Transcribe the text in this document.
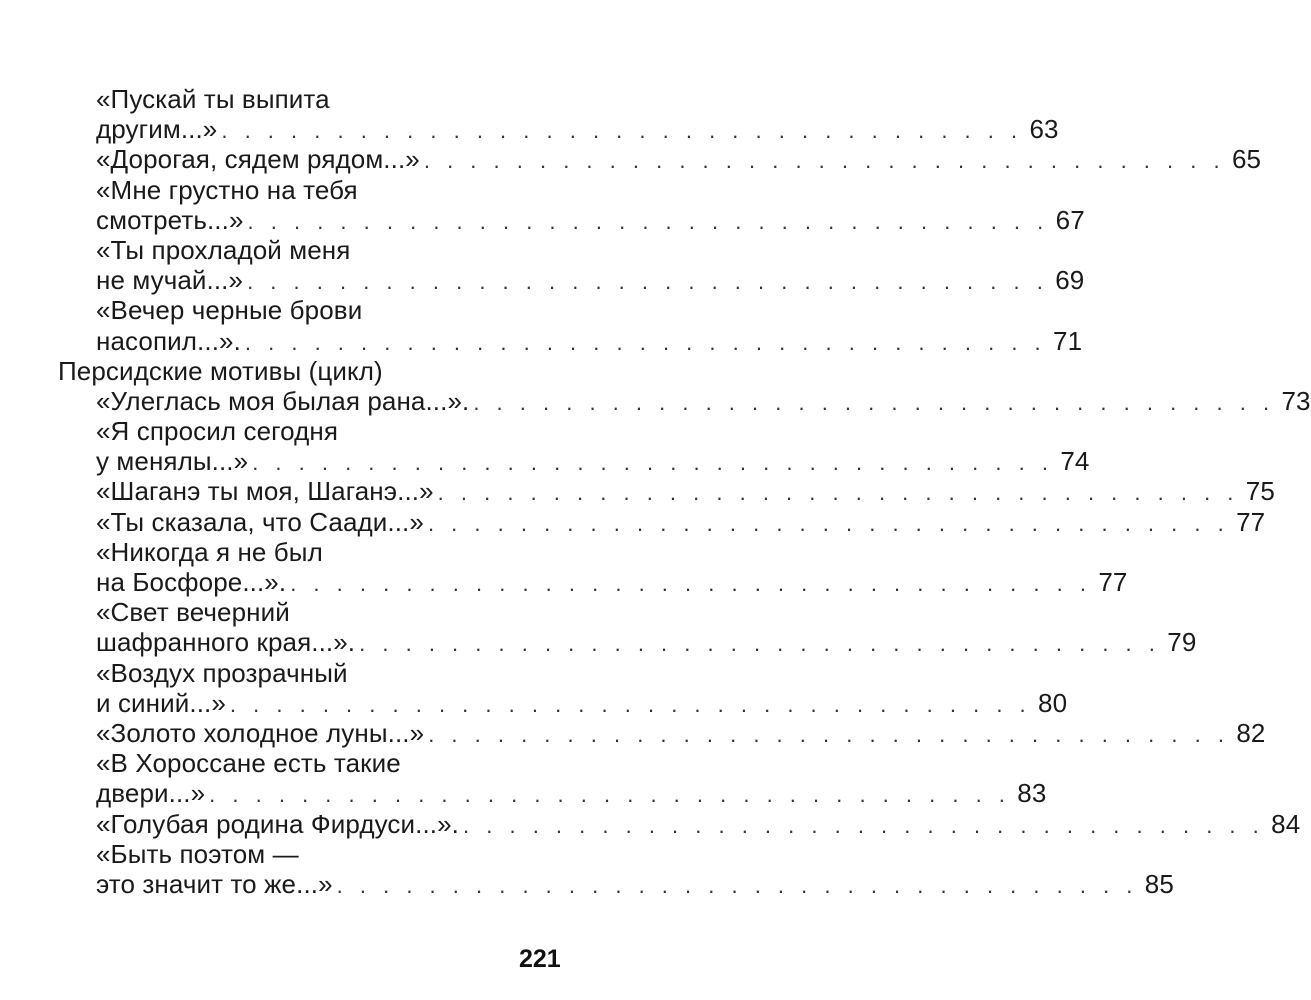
«Пускай ты выпита
другим...» . . . . . . . . . . . . . . . . . . . . . . . . . . . . . . . . . . . 63
«Дорогая, сядем рядом...» . . . . . . . . . . . . . . . . . . . . . . . . . . . . . . . . . . . 65
«Мне грустно на тебя
смотреть...» . . . . . . . . . . . . . . . . . . . . . . . . . . . . . . . . . . . 67
«Ты прохладой меня
не мучай...» . . . . . . . . . . . . . . . . . . . . . . . . . . . . . . . . . . . 69
«Вечер черные брови
насопил...». . . . . . . . . . . . . . . . . . . . . . . . . . . . . . . . . . . . 71
Персидские мотивы (цикл)
«Улеглась моя былая рана...». . . . . . . . . . . . . . . . . . . . . . . . . . . . . . . . . . . . 73
«Я спросил сегодня
у менялы...» . . . . . . . . . . . . . . . . . . . . . . . . . . . . . . . . . . . 74
«Шаганэ ты моя, Шаганэ...» . . . . . . . . . . . . . . . . . . . . . . . . . . . . . . . . . . . 75
«Ты сказала, что Саади...» . . . . . . . . . . . . . . . . . . . . . . . . . . . . . . . . . . . 77
«Никогда я не был
на Босфоре...». . . . . . . . . . . . . . . . . . . . . . . . . . . . . . . . . . . . 77
«Свет вечерний
шафранного края...». . . . . . . . . . . . . . . . . . . . . . . . . . . . . . . . . . . . 79
«Воздух прозрачный
и синий...» . . . . . . . . . . . . . . . . . . . . . . . . . . . . . . . . . . . 80
«Золото холодное луны...» . . . . . . . . . . . . . . . . . . . . . . . . . . . . . . . . . . . 82
«В Хороссане есть такие
двери...» . . . . . . . . . . . . . . . . . . . . . . . . . . . . . . . . . . . 83
«Голубая родина Фирдуси...». . . . . . . . . . . . . . . . . . . . . . . . . . . . . . . . . . . . 84
«Быть поэтом —
это значит то же...» . . . . . . . . . . . . . . . . . . . . . . . . . . . . . . . . . . . 85
221
